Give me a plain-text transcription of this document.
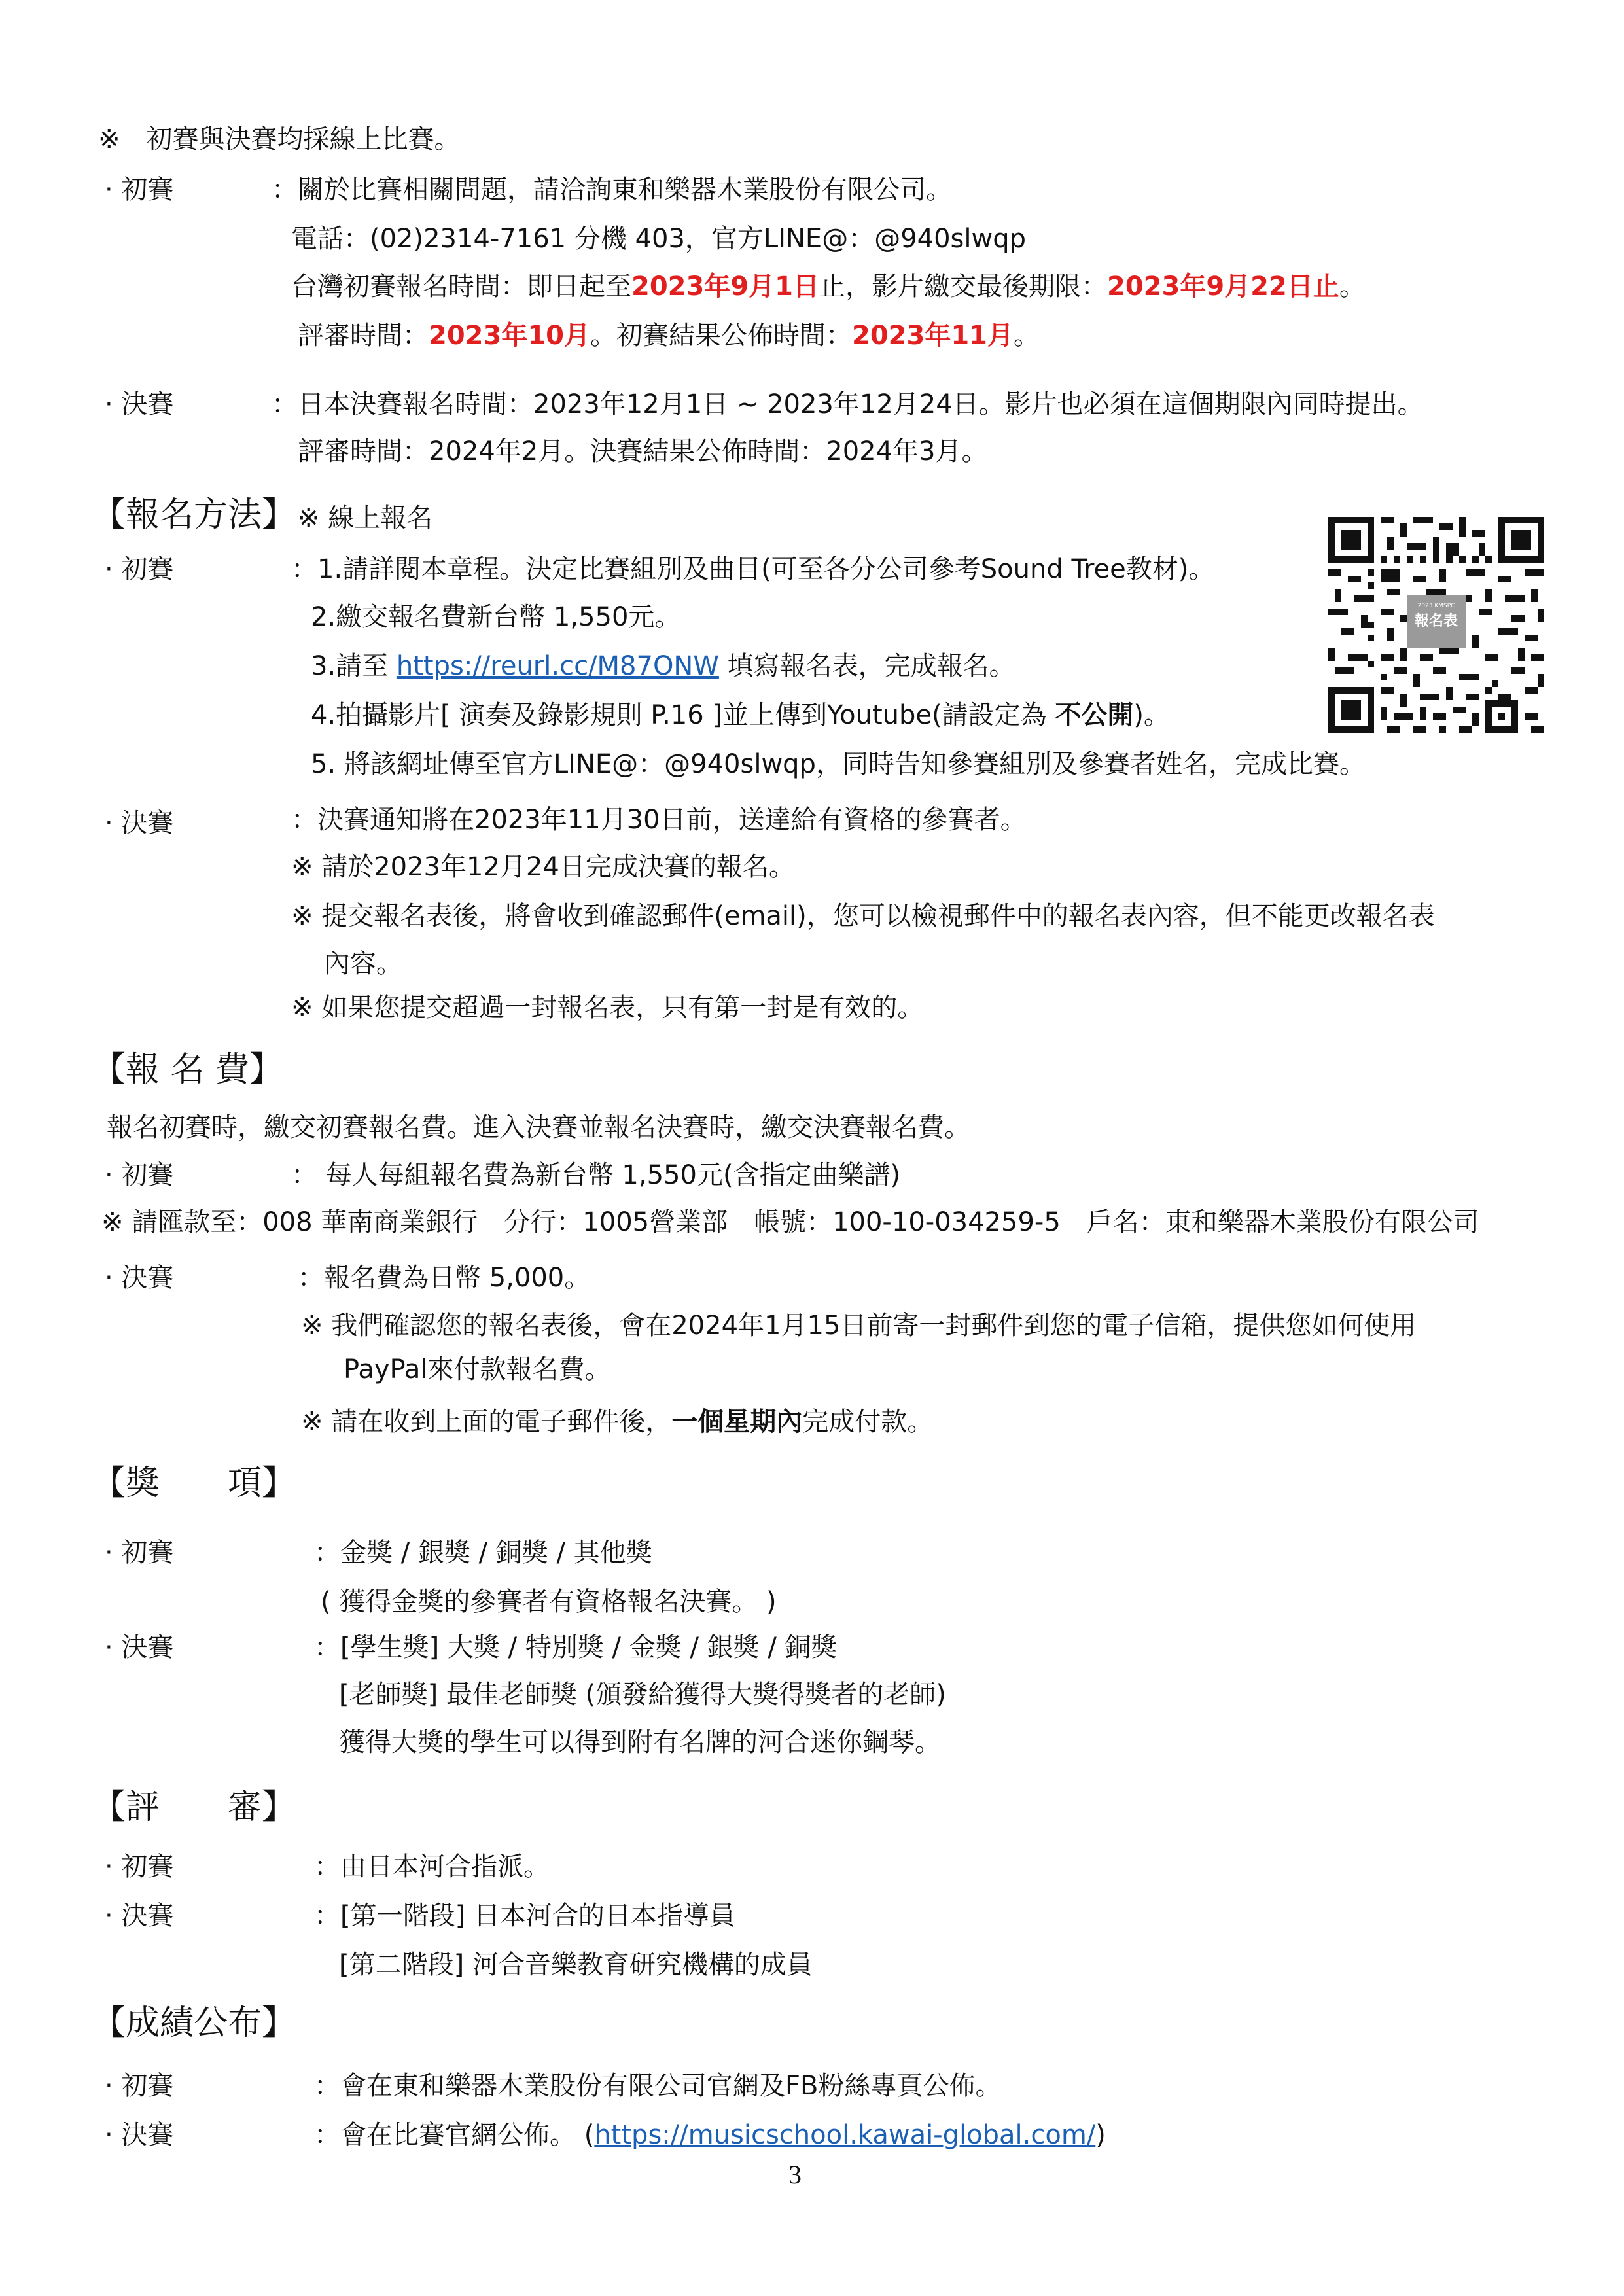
※　初賽與決賽均採線上比賽。
· 初賽	：關於比賽相關問題，請洽詢東和樂器木業股份有限公司。
電話：(02)2314-7161 分機 403，官方LINE@：@940slwqp
台灣初賽報名時間：即日起至2023年9月1日止，影片繳交最後期限：2023年9月22日止。
評審時間：2023年10月。初賽結果公佈時間：2023年11月。
· 決賽	：日本決賽報名時間：2023年12月1日 ~ 2023年12月24日。影片也必須在這個期限內同時提出。
評審時間：2024年2月。決賽結果公佈時間：2024年3月。
【報名方法】 ※ 線上報名
· 初賽	：1.請詳閱本章程。決定比賽組別及曲目(可至各分公司參考Sound Tree教材)。
2.繳交報名費新台幣 1,550元。
3.請至 https://reurl.cc/M87ONW 填寫報名表，完成報名。
4.拍攝影片[ 演奏及錄影規則 P.16 ]並上傳到Youtube(請設定為 不公開)。
5. 將該網址傳至官方LINE@：@940slwqp，同時告知參賽組別及參賽者姓名，完成比賽。
2023 KMSPC
報名表
· 決賽	：決賽通知將在2023年11月30日前，送達給有資格的參賽者。
※ 請於2023年12月24日完成決賽的報名。
※ 提交報名表後，將會收到確認郵件(email)，您可以檢視郵件中的報名表內容，但不能更改報名表
內容。
※ 如果您提交超過一封報名表，只有第一封是有效的。
【報 名 費】
報名初賽時，繳交初賽報名費。進入決賽並報名決賽時，繳交決賽報名費。
· 初賽	： 每人每組報名費為新台幣 1,550元(含指定曲樂譜)
※ 請匯款至：008 華南商業銀行　分行：1005營業部　帳號：100-10-034259-5　戶名：東和樂器木業股份有限公司
· 決賽	：報名費為日幣 5,000。
※ 我們確認您的報名表後，會在2024年1月15日前寄一封郵件到您的電子信箱，提供您如何使用
PayPal來付款報名費。
※ 請在收到上面的電子郵件後，一個星期內完成付款。
【獎　　項】
· 初賽	：金獎 / 銀獎 / 銅獎 / 其他獎
( 獲得金獎的參賽者有資格報名決賽。 )
· 決賽	：[學生獎] 大獎 / 特別獎 / 金獎 / 銀獎 / 銅獎
[老師獎] 最佳老師獎 (頒發給獲得大獎得獎者的老師)
獲得大獎的學生可以得到附有名牌的河合迷你鋼琴。
【評　　審】
· 初賽	：由日本河合指派。
· 決賽	：[第一階段] 日本河合的日本指導員
[第二階段] 河合音樂教育研究機構的成員
【成績公布】
· 初賽	：會在東和樂器木業股份有限公司官網及FB粉絲專頁公佈。
· 決賽	：會在比賽官網公佈。 (https://musicschool.kawai-global.com/)
3
